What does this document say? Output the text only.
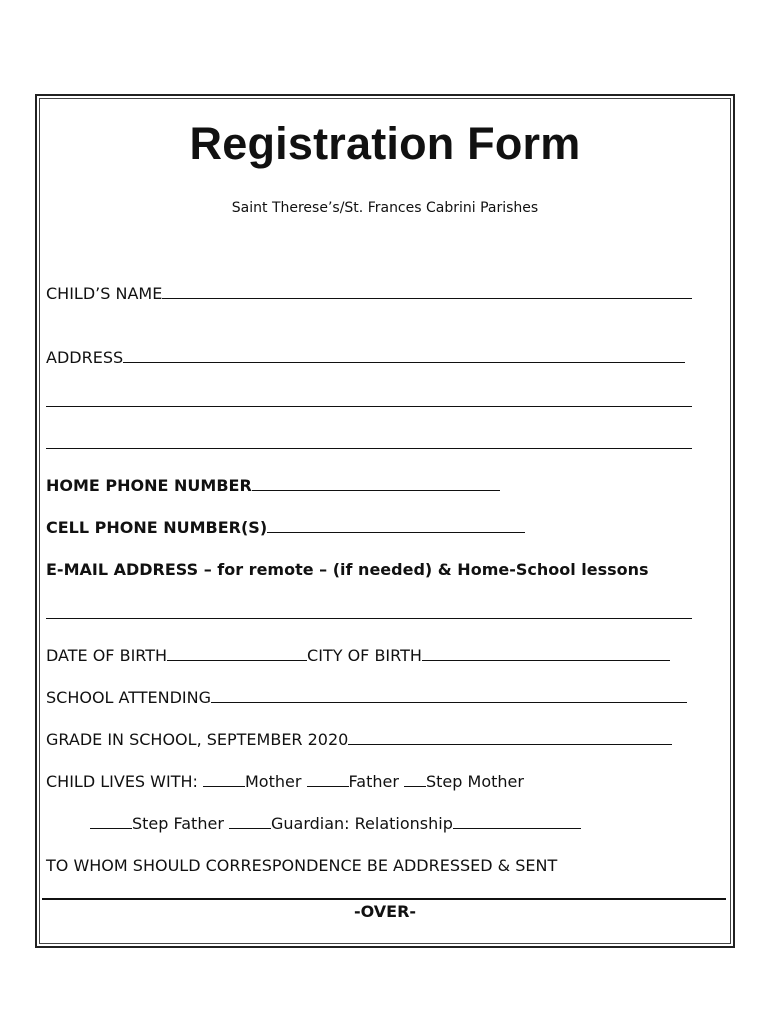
Registration Form
Saint Therese’s/St. Frances Cabrini Parishes
CHILD’S NAME
ADDRESS
HOME PHONE NUMBER
CELL PHONE NUMBER(S)
E-MAIL ADDRESS – for remote – (if needed) & Home-School lessons
DATE OF BIRTH	CITY OF BIRTH
SCHOOL ATTENDING
GRADE IN SCHOOL, SEPTEMBER 2020
CHILD LIVES WITH:	Mother	Father Step Mother
Step Father	Guardian: Relationship
TO WHOM SHOULD CORRESPONDENCE BE ADDRESSED & SENT
-OVER-
